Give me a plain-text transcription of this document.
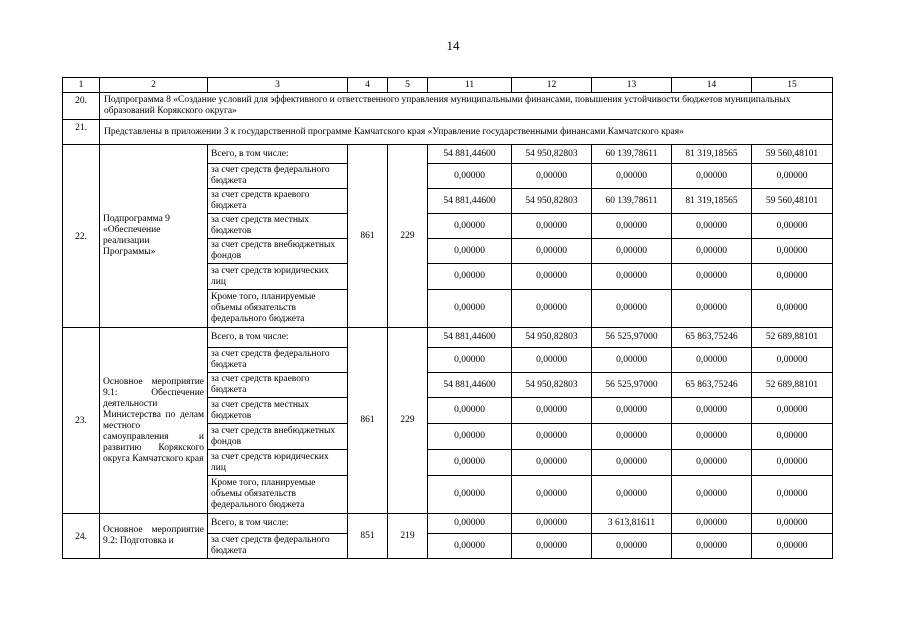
14
1	2	3	4	5	11	12	13	14	15
20.	Подпрограмма 8 «Создание условий для эффективного и ответственного управления муниципальными финансами, повышения устойчивости бюджетов муниципальных образований Корякского округа»								
21.	Представлены в приложении 3 к государственной программе Камчатского края «Управление государственными финансами Камчатского края»								
22.	Подпрограмма 9 «Обеспечение реализации Программы»	Всего, в том числе:	861	229	54 881,44600	54 950,82803	60 139,78611	81 319,18565	59 560,48101
		за счет средств федерального бюджета			0,00000	0,00000	0,00000	0,00000	0,00000
		за счет средств краевого бюджета			54 881,44600	54 950,82803	60 139,78611	81 319,18565	59 560,48101
		за счет средств местных бюджетов			0,00000	0,00000	0,00000	0,00000	0,00000
		за счет средств внебюджетных фондов			0,00000	0,00000	0,00000	0,00000	0,00000
		за счет средств юридических лиц			0,00000	0,00000	0,00000	0,00000	0,00000
		Кроме того, планируемые объемы обязательств федерального бюджета			0,00000	0,00000	0,00000	0,00000	0,00000
23.	Основное мероприятие 9.1: Обеспечение деятельности Министерства по делам местного самоуправления и развитию Корякского округа Камчатского края	Всего, в том числе:	861	229	54 881,44600	54 950,82803	56 525,97000	65 863,75246	52 689,88101
		за счет средств федерального бюджета			0,00000	0,00000	0,00000	0,00000	0,00000
		за счет средств краевого бюджета			54 881,44600	54 950,82803	56 525,97000	65 863,75246	52 689,88101
		за счет средств местных бюджетов			0,00000	0,00000	0,00000	0,00000	0,00000
		за счет средств внебюджетных фондов			0,00000	0,00000	0,00000	0,00000	0,00000
		за счет средств юридических лиц			0,00000	0,00000	0,00000	0,00000	0,00000
		Кроме того, планируемые объемы обязательств федерального бюджета			0,00000	0,00000	0,00000	0,00000	0,00000
24.	Основное мероприятие 9.2: Подготовка и	Всего, в том числе:	851	219	0,00000	0,00000	3 613,81611	0,00000	0,00000
		за счет средств федерального бюджета			0,00000	0,00000	0,00000	0,00000	0,00000
